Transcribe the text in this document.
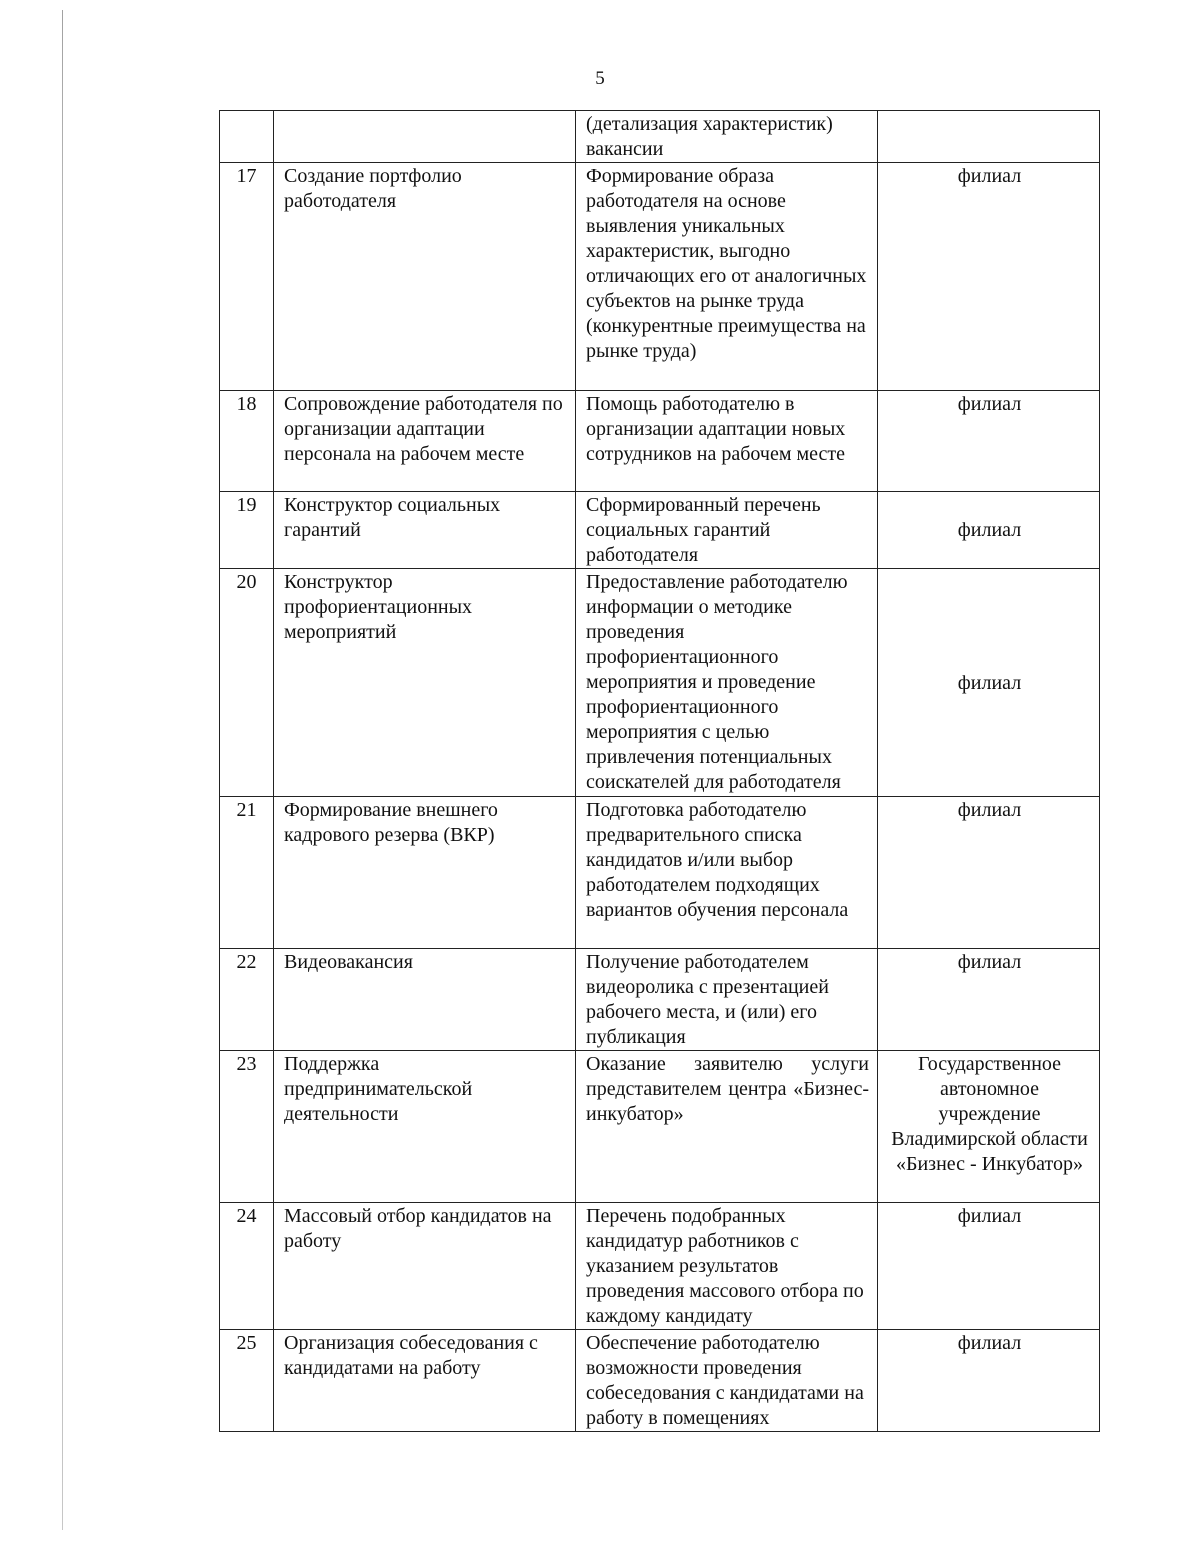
5
		(детализация характеристик) вакансии	
17	Создание портфолио работодателя	Формирование образа работодателя на основе выявления уникальных характеристик, выгодно отличающих его от аналогичных субъектов на рынке труда (конкурентные преимущества на рынке труда)	филиал
18	Сопровождение работодателя по организации адаптации персонала на рабочем месте	Помощь работодателю в организации адаптации новых сотрудников на рабочем месте	филиал
19	Конструктор социальных гарантий	Сформированный перечень социальных гарантий работодателя	филиал
20	Конструктор профориентационных мероприятий	Предоставление работодателю информации о методике проведения профориентационного мероприятия и проведение профориентационного мероприятия с целью привлечения потенциальных соискателей для работодателя	филиал
21	Формирование внешнего кадрового резерва (ВКР)	Подготовка работодателю предварительного списка кандидатов и/или выбор работодателем подходящих вариантов обучения персонала	филиал
22	Видеовакансия	Получение работодателем видеоролика с презентацией рабочего места, и (или) его публикация	филиал
23	Поддержка предпринимательской деятельности	Оказание заявителю услуги представителем центра «Бизнес-инкубатор»	Государственное автономное учреждение Владимирской области «Бизнес - Инкубатор»
24	Массовый отбор кандидатов на работу	Перечень подобранных кандидатур работников с указанием результатов проведения массового отбора по каждому кандидату	филиал
25	Организация собеседования с кандидатами на работу	Обеспечение работодателю возможности проведения собеседования с кандидатами на работу в помещениях	филиал
